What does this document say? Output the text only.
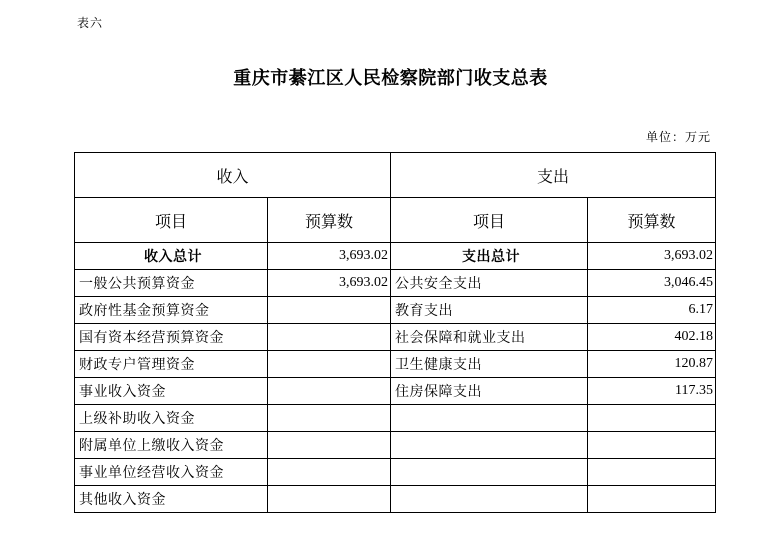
表六
重庆市綦江区人民检察院部门收支总表
单位：万元
收入		支出	
项目	预算数	项目	预算数
收入总计	3,693.02	支出总计	3,693.02
一般公共预算资金	3,693.02	公共安全支出	3,046.45
政府性基金预算资金		教育支出	6.17
国有资本经营预算资金		社会保障和就业支出	402.18
财政专户管理资金		卫生健康支出	120.87
事业收入资金		住房保障支出	117.35
上级补助收入资金			
附属单位上缴收入资金			
事业单位经营收入资金			
其他收入资金			
